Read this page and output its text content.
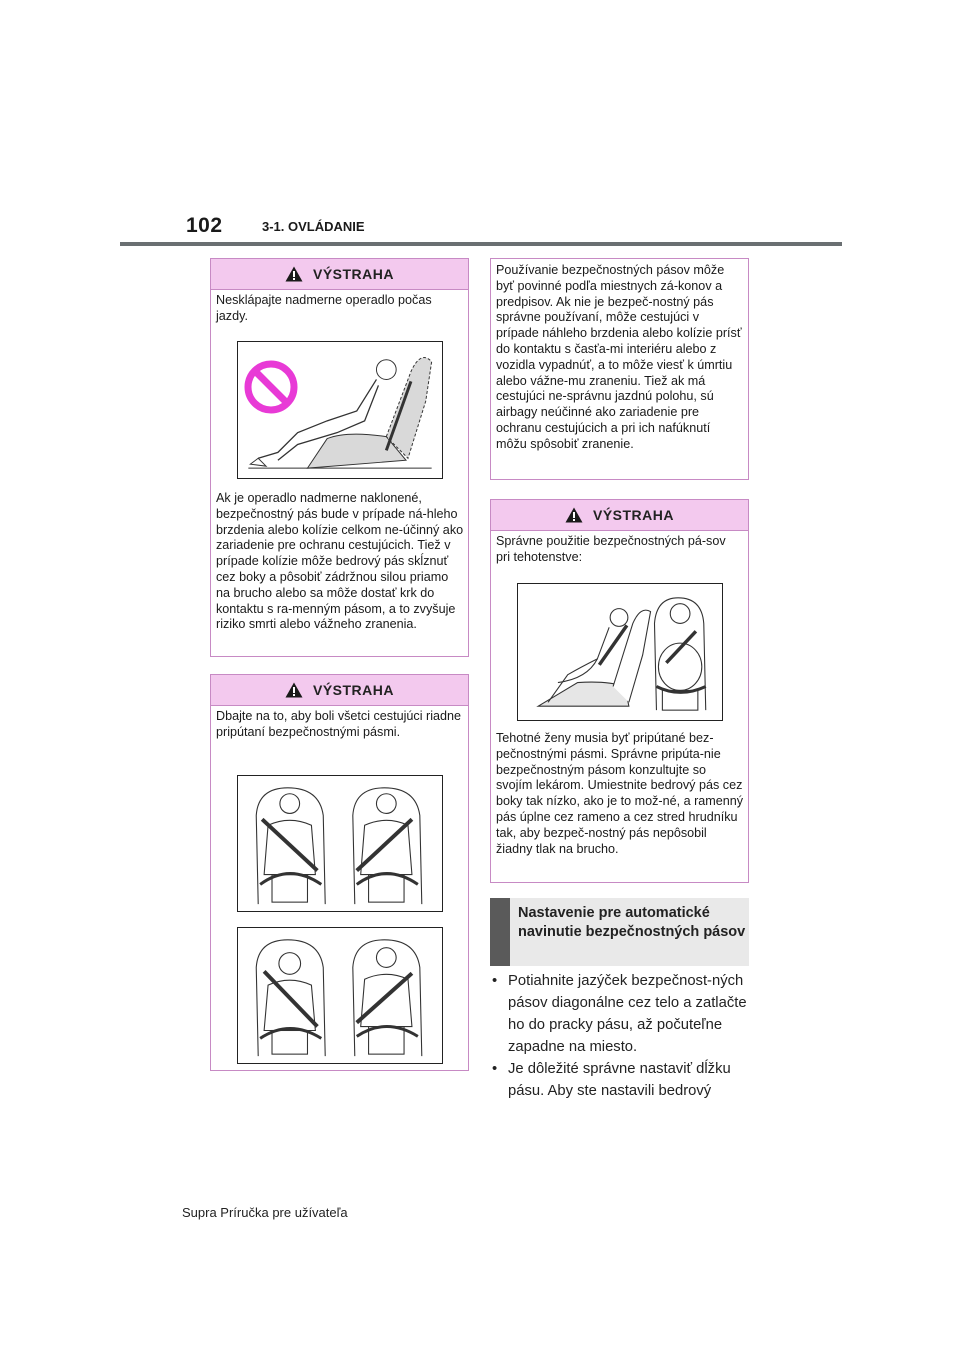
102	3-1. OVLÁDANIE
VÝSTRAHA
Nesklápajte nadmerne operadlo počas jazdy.
Ak je operadlo nadmerne naklonené, bezpečnostný pás bude v prípade ná-hleho brzdenia alebo kolízie celkom ne-účinný ako zariadenie pre ochranu cestujúcich. Tiež v prípade kolízie môže bedrový pás skĺznuť cez boky a pôsobiť zádržnou silou priamo na brucho alebo sa môže dostať krk do kontaktu s ra-menným pásom, a to zvyšuje riziko smrti alebo vážneho zranenia.
VÝSTRAHA
Dbajte na to, aby boli všetci cestujúci riadne pripútaní bezpečnostnými pásmi.
Používanie bezpečnostných pásov môže byť povinné podľa miestnych zá-konov a predpisov. Ak nie je bezpeč-nostný pás správne používaní, môže cestujúci v prípade náhleho brzdenia alebo kolízie prísť do kontaktu s časťa-mi interiéru alebo z vozidla vypadnúť, a to môže viesť k úmrtiu alebo vážne-mu zraneniu. Tiež ak má cestujúci ne-správnu jazdnú polohu, sú airbagy neúčinné ako zariadenie pre ochranu cestujúcich a pri ich nafúknutí môžu spôsobiť zranenie.
VÝSTRAHA
Správne použitie bezpečnostných pá-sov pri tehotenstve:
Tehotné ženy musia byť pripútané bez-pečnostnými pásmi. Správne pripúta-nie bezpečnostným pásom konzultujte so svojím lekárom. Umiestnite bedrový pás cez boky tak nízko, ako je to mož-né, a ramenný pás úplne cez rameno a cez stred hrudníku tak, aby bezpeč-nostný pás nepôsobil žiadny tlak na brucho.
Nastavenie pre automatické navinutie bezpečnostných pásov
• Potiahnite jazýček bezpečnost-ných pásov diagonálne cez telo a zatlačte ho do pracky pásu, až počuteľne zapadne na miesto.
• Je dôležité správne nastaviť dĺžku pásu. Aby ste nastavili bedrový
Supra Príručka pre užívateľa
